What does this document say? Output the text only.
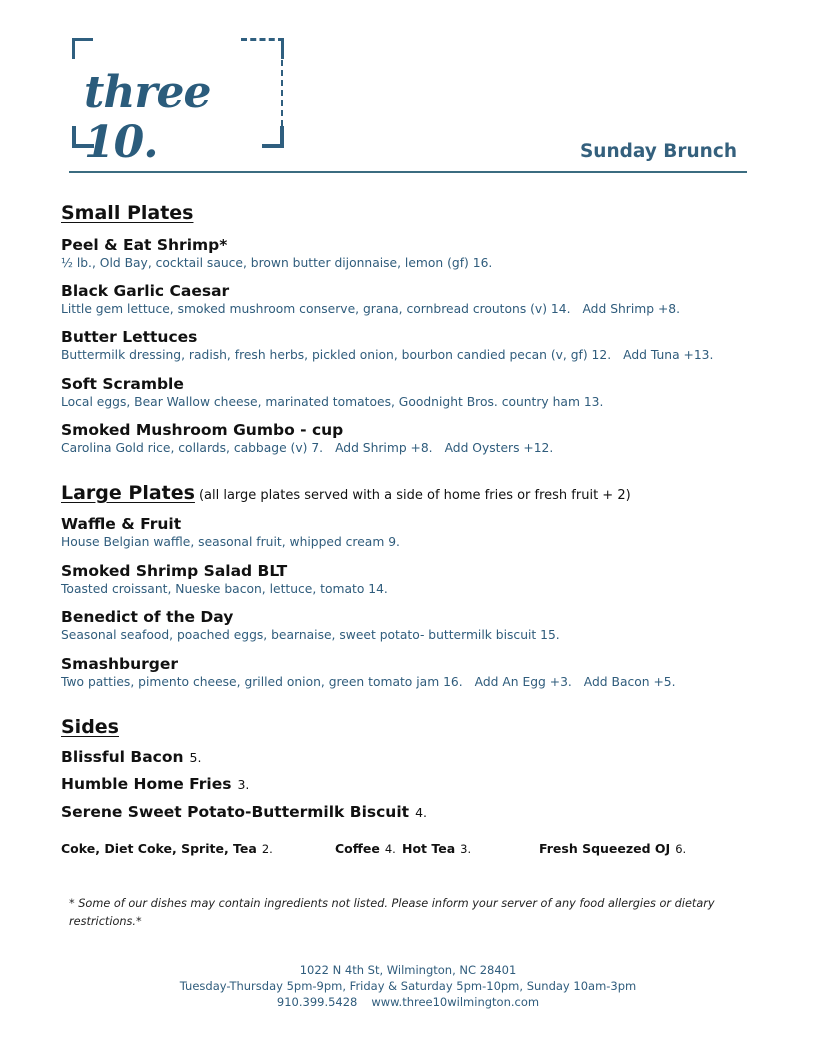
three 10.	Sunday Brunch
Small Plates
Peel & Eat Shrimp*
½ lb., Old Bay, cocktail sauce, brown butter dijonnaise, lemon (gf) 16.
Black Garlic Caesar
Little gem lettuce, smoked mushroom conserve, grana, cornbread croutons (v) 14. Add Shrimp +8.
Butter Lettuces
Buttermilk dressing, radish, fresh herbs, pickled onion, bourbon candied pecan (v, gf) 12. Add Tuna +13.
Soft Scramble
Local eggs, Bear Wallow cheese, marinated tomatoes, Goodnight Bros. country ham 13.
Smoked Mushroom Gumbo - cup
Carolina Gold rice, collards, cabbage (v) 7. Add Shrimp +8. Add Oysters +12.
Large Plates (all large plates served with a side of home fries or fresh fruit + 2)
Waffle & Fruit
House Belgian waffle, seasonal fruit, whipped cream 9.
Smoked Shrimp Salad BLT
Toasted croissant, Nueske bacon, lettuce, tomato 14.
Benedict of the Day
Seasonal seafood, poached eggs, bearnaise, sweet potato- buttermilk biscuit 15.
Smashburger
Two patties, pimento cheese, grilled onion, green tomato jam 16. Add An Egg +3. Add Bacon +5.
Sides
Blissful Bacon 5.
Humble Home Fries 3.
Serene Sweet Potato-Buttermilk Biscuit 4.
Coke, Diet Coke, Sprite, Tea 2.	Coffee 4. Hot Tea 3.	Fresh Squeezed OJ 6.
* Some of our dishes may contain ingredients not listed. Please inform your server of any food allergies or dietary restrictions.*
1022 N 4th St, Wilmington, NC 28401
Tuesday-Thursday 5pm-9pm, Friday & Saturday 5pm-10pm, Sunday 10am-3pm
910.399.5428 www.three10wilmington.com
